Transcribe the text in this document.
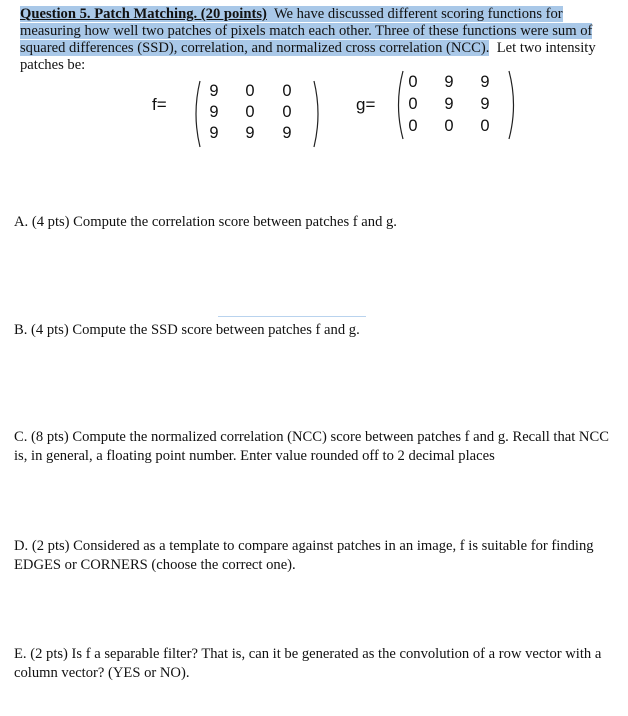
Question 5. Patch Matching. (20 points) We have discussed different scoring functions for measuring how well two patches of pixels match each other. Three of these functions were sum of squared differences (SSD), correlation, and normalized cross correlation (NCC). Let two intensity patches be:
f=
9 0 0
9 0 0
9 9 9
g=
0 9 9
0 9 9
0 0 0
A. (4 pts) Compute the correlation score between patches f and g.
B. (4 pts) Compute the SSD score between patches f and g.
C. (8 pts) Compute the normalized correlation (NCC) score between patches f and g. Recall that NCC is, in general, a floating point number. Enter value rounded off to 2 decimal places
D. (2 pts) Considered as a template to compare against patches in an image, f is suitable for finding EDGES or CORNERS (choose the correct one).
E. (2 pts) Is f a separable filter? That is, can it be generated as the convolution of a row vector with a column vector? (YES or NO).
